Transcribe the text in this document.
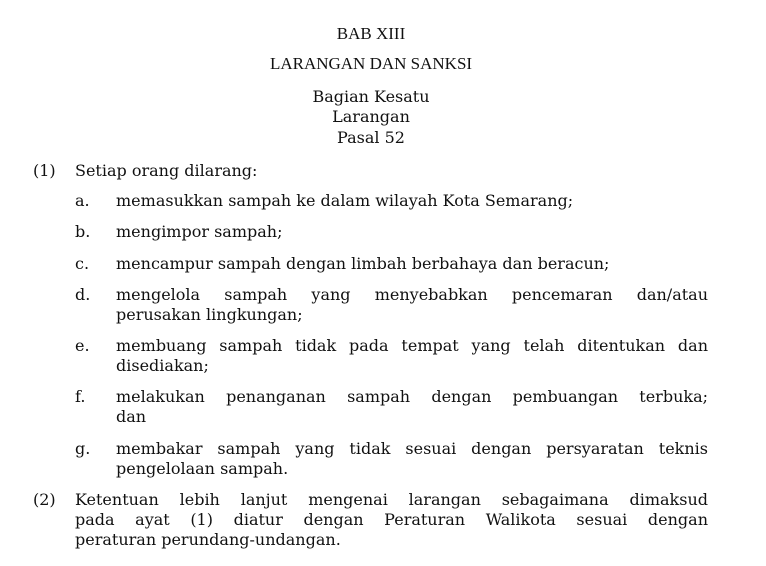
BAB XIII
LARANGAN DAN SANKSI
Bagian Kesatu
Larangan
Pasal 52
(1) Setiap orang dilarang:
a. memasukkan sampah ke dalam wilayah Kota Semarang;
b. mengimpor sampah;
c. mencampur sampah dengan limbah berbahaya dan beracun;
d. mengelola sampah yang menyebabkan pencemaran dan/atau
perusakan lingkungan;
e. membuang sampah tidak pada tempat yang telah ditentukan dan
disediakan;
f. melakukan penanganan sampah dengan pembuangan terbuka;
dan
g. membakar sampah yang tidak sesuai dengan persyaratan teknis
pengelolaan sampah.
(2) Ketentuan lebih lanjut mengenai larangan sebagaimana dimaksud
pada ayat (1) diatur dengan Peraturan Walikota sesuai dengan
peraturan perundang-undangan.
